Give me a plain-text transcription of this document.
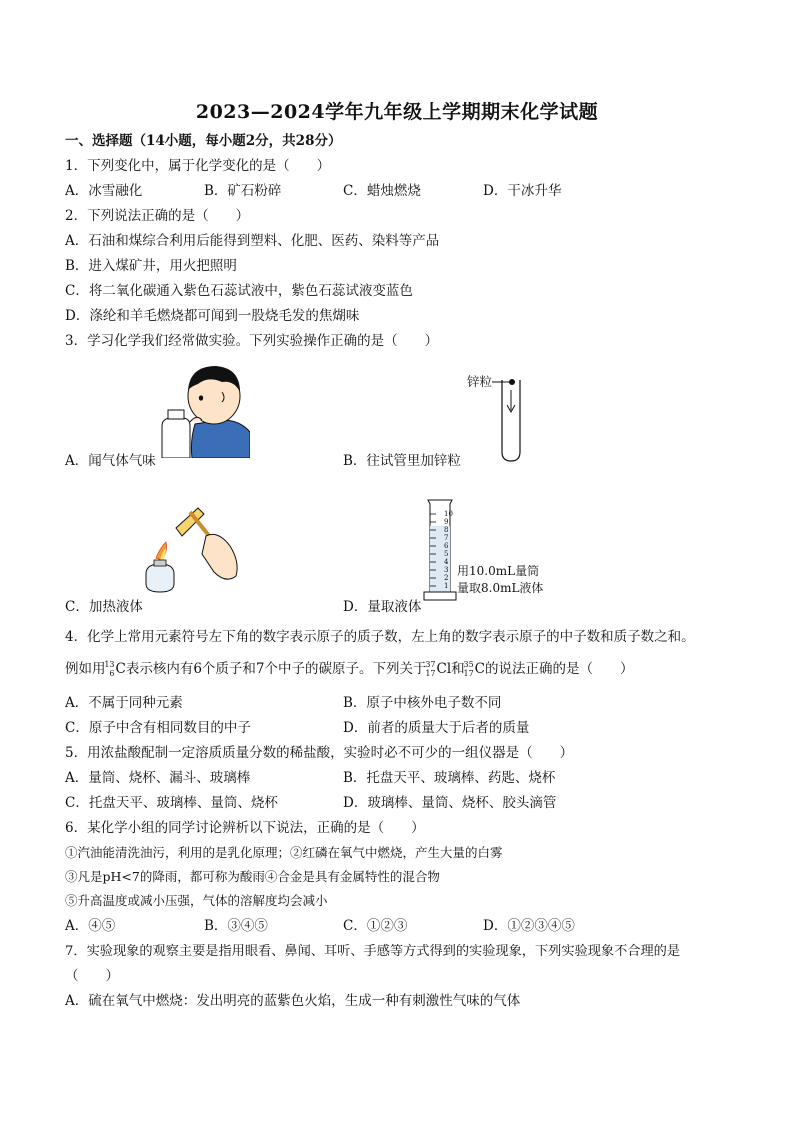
2023—2024学年九年级上学期期末化学试题
一、选择题（14小题，每小题2分，共28分）
1．下列变化中，属于化学变化的是（　　）
A．冰雪融化	B．矿石粉碎	C．蜡烛燃烧	D．干冰升华
2．下列说法正确的是（　　）
A．石油和煤综合利用后能得到塑料、化肥、医药、染料等产品
B．进入煤矿井，用火把照明
C．将二氧化碳通入紫色石蕊试液中，紫色石蕊试液变蓝色
D．涤纶和羊毛燃烧都可闻到一股烧毛发的焦煳味
3．学习化学我们经常做实验。下列实验操作正确的是（　　）
A．闻气体气味
锌粒
B．往试管里加锌粒
C．加热液体
10
9
8
7
6
5
4
3
2
1
用10.0mL量筒
量取8.0mL液体
D．量取液体
4．化学上常用元素符号左下角的数字表示原子的质子数，左上角的数字表示原子的中子数和质子数之和。
例如用
13
6 C表示核内有6个质子和7个中子的碳原子。下列关于
37
17 Cl和
35
17 C的说法正确的是（　　）
A．不属于同种元素	B．原子中核外电子数不同
C．原子中含有相同数目的中子	D．前者的质量大于后者的质量
5．用浓盐酸配制一定溶质质量分数的稀盐酸，实验时必不可少的一组仪器是（　　）
A．量筒、烧杯、漏斗、玻璃棒	B．托盘天平、玻璃棒、药匙、烧杯
C．托盘天平、玻璃棒、量筒、烧杯	D．玻璃棒、量筒、烧杯、胶头滴管
6．某化学小组的同学讨论辨析以下说法，正确的是（　　）
①汽油能清洗油污，利用的是乳化原理；②红磷在氧气中燃烧，产生大量的白雾
③凡是pH<7的降雨，都可称为酸雨④合金是具有金属特性的混合物
⑤升高温度或减小压强，气体的溶解度均会减小
A．④⑤	B．③④⑤	C．①②③	D．①②③④⑤
7．实验现象的观察主要是指用眼看、鼻闻、耳听、手感等方式得到的实验现象，下列实验现象不合理的是
（　　）
A．硫在氧气中燃烧：发出明亮的蓝紫色火焰，生成一种有刺激性气味的气体
